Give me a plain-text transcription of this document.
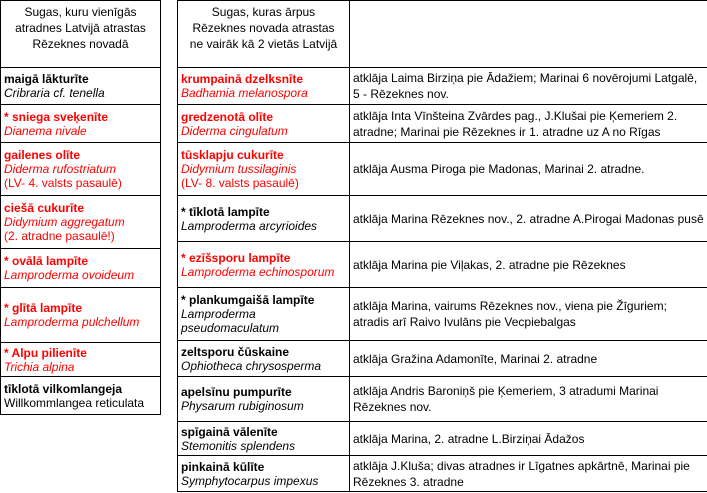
Sugas, kuru vienīgās
atradnes Latvijā atrastas
Rēzeknes novadā

maigā lākturīte
Cribraria cf. tenella

* sniega sveķenīte
Dianema nivale

gailenes olīte
Diderma rufostriatum
(LV- 4. valsts pasaulē)

ciešā cukurīte
Didymium aggregatum
(2. atradne pasaulē!)

* ovālā lampīte
Lamproderma ovoideum

* glītā lampīte
Lamproderma pulchellum

* Alpu pilienīte
Trichia alpina

tīklotā vilkomlangeja
Willkommlangea reticulata
Sugas, kuras ārpus
Rēzeknes novada atrastas
ne vairāk kā 2 vietās Latvijā	

krumpainā dzelksnīte
Badhamia melanospora	atklāja Laima Birziņa pie Ādažiem; Marinai 6 novērojumi Latgalē, 5 - Rēzeknes nov.

gredzenotā olīte
Diderma cingulatum	atklāja Inta Vīnšteina Zvārdes pag., J.Klušai pie Ķemeriem 2. atradne; Marinai pie Rēzeknes ir 1. atradne uz A no Rīgas

tūsklapju cukurīte
Didymium tussilaginis
(LV- 8. valsts pasaulē)	atklāja Ausma Piroga pie Madonas, Marinai 2. atradne.

* tīklotā lampīte
Lamproderma arcyrioides	atklāja Marina Rēzeknes nov., 2. atradne A.Pirogai Madonas pusē

* ezīšsporu lampīte
Lamproderma echinosporum	atklāja Marina pie Viļakas, 2. atradne pie Rēzeknes

* plankumgaišā lampīte
Lamproderma pseudomaculatum	atklāja Marina, vairums Rēzeknes nov., viena pie Žīguriem; atradis arī Raivo Ivulāns pie Vecpiebalgas

zeltsporu čūskaine
Ophiotheca chrysosperma	atklāja Gražina Adamonīte, Marinai 2. atradne

apelsīnu pumpurīte
Physarum rubiginosum	atklāja Andris Baroniņš pie Ķemeriem, 3 atradumi Marinai Rēzeknes nov.

spīgainā vālenīte
Stemonitis splendens	atklāja Marina, 2. atradne L.Birziņai Ādažos

pinkainā kūlīte
Symphytocarpus impexus	atklāja J.Kluša; divas atradnes ir Līgatnes apkārtnē, Marinai pie Rēzeknes 3. atradne
